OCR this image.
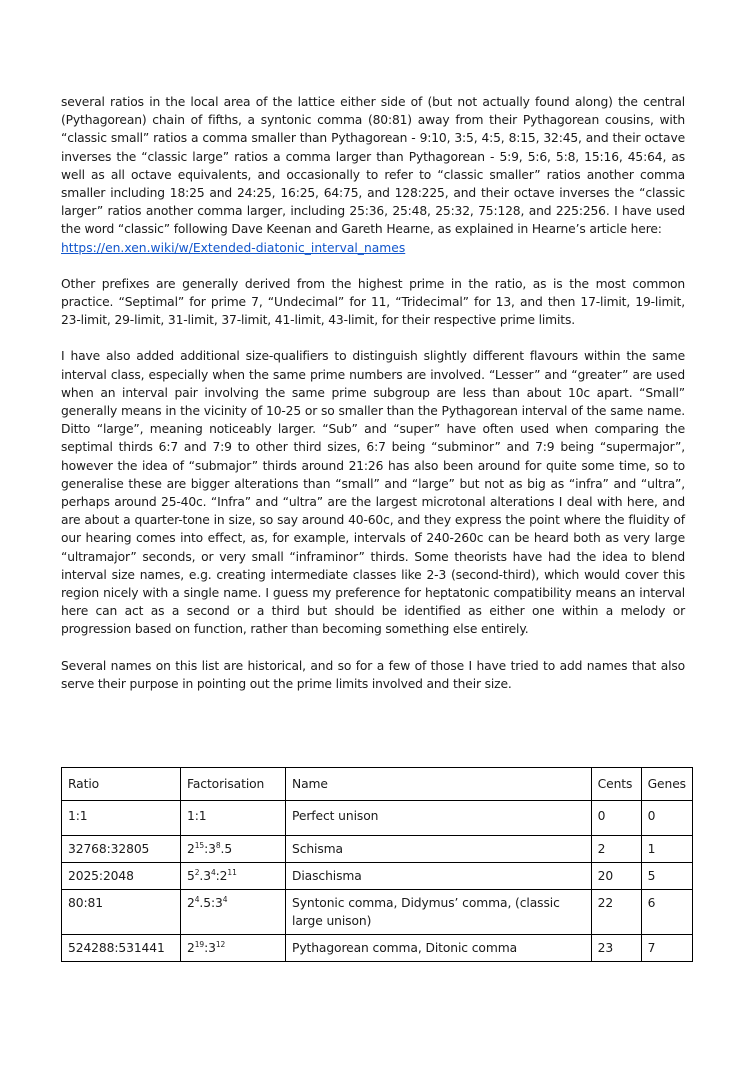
several ratios in the local area of the lattice either side of (but not actually found along) the central (Pythagorean) chain of fifths, a syntonic comma (80:81) away from their Pythagorean cousins, with “classic small” ratios a comma smaller than Pythagorean - 9:10, 3:5, 4:5, 8:15, 32:45, and their octave inverses the “classic large” ratios a comma larger than Pythagorean - 5:9, 5:6, 5:8, 15:16, 45:64, as well as all octave equivalents, and occasionally to refer to “classic smaller” ratios another comma smaller including 18:25 and 24:25, 16:25, 64:75, and 128:225, and their octave inverses the “classic larger” ratios another comma larger, including 25:36, 25:48, 25:32, 75:128, and 225:256. I have used the word “classic” following Dave Keenan and Gareth Hearne, as explained in Hearne’s article here:

https://en.xen.wiki/w/Extended-diatonic_interval_names

Other prefixes are generally derived from the highest prime in the ratio, as is the most common practice. “Septimal” for prime 7, “Undecimal” for 11, “Tridecimal” for 13, and then 17-limit, 19-limit, 23-limit, 29-limit, 31-limit, 37-limit, 41-limit, 43-limit, for their respective prime limits.

I have also added additional size-qualifiers to distinguish slightly different flavours within the same interval class, especially when the same prime numbers are involved. “Lesser” and “greater” are used when an interval pair involving the same prime subgroup are less than about 10c apart. “Small” generally means in the vicinity of 10-25 or so smaller than the Pythagorean interval of the same name. Ditto “large”, meaning noticeably larger. “Sub” and “super” have often used when comparing the septimal thirds 6:7 and 7:9 to other third sizes, 6:7 being “subminor” and 7:9 being “supermajor”, however the idea of “submajor” thirds around 21:26 has also been around for quite some time, so to generalise these are bigger alterations than “small” and “large” but not as big as “infra” and “ultra”, perhaps around 25-40c. “Infra” and “ultra” are the largest microtonal alterations I deal with here, and are about a quarter-tone in size, so say around 40-60c, and they express the point where the fluidity of our hearing comes into effect, as, for example, intervals of 240-260c can be heard both as very large “ultramajor” seconds, or very small “inframinor” thirds. Some theorists have had the idea to blend interval size names, e.g. creating intermediate classes like 2-3 (second-third), which would cover this region nicely with a single name. I guess my preference for heptatonic compatibility means an interval here can act as a second or a third but should be identified as either one within a melody or progression based on function, rather than becoming something else entirely.

Several names on this list are historical, and so for a few of those I have tried to add names that also serve their purpose in pointing out the prime limits involved and their size.

Ratio	Factorisation	Name	Cents	Genes
1:1	1:1	Perfect unison	0	0
32768:32805	$2^{15}:3^8.5$	Schisma	2	1
2025:2048	$5^2.3^4:2^{11}$	Diaschisma	20	5
80:81	$2^4.5:3^4$	Syntonic comma, Didymus’ comma, (classic large unison)	22	6
524288:531441	$2^{19}:3^{12}$	Pythagorean comma, Ditonic comma	23	7
